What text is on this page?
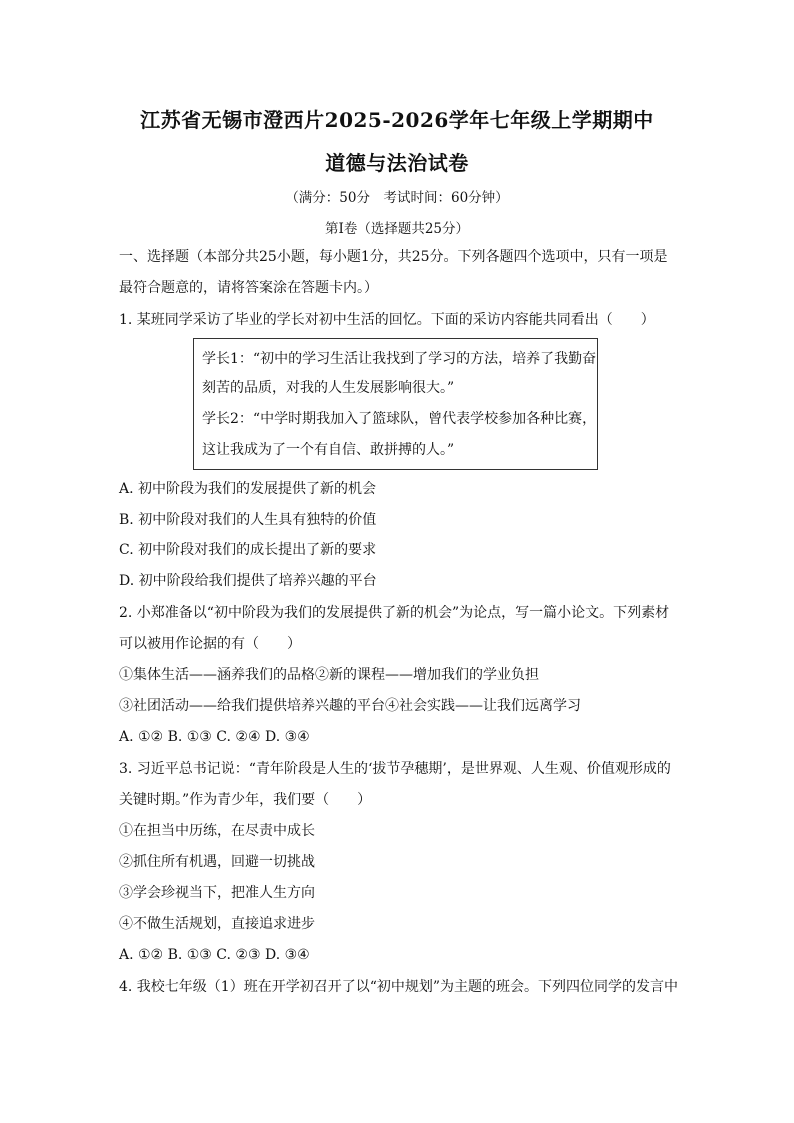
江苏省无锡市澄西片2025-2026学年七年级上学期期中
道德与法治试卷
（满分：50分　考试时间：60分钟）
第I卷（选择题共25分）
一、选择题（本部分共25小题，每小题1分，共25分。下列各题四个选项中，只有一项是
最符合题意的，请将答案涂在答题卡内。）
1. 某班同学采访了毕业的学长对初中生活的回忆。下面的采访内容能共同看出（　　）
学长1：“初中的学习生活让我找到了学习的方法，培养了我勤奋
刻苦的品质，对我的人生发展影响很大。”
学长2：“中学时期我加入了篮球队，曾代表学校参加各种比赛，
这让我成为了一个有自信、敢拼搏的人。”
A. 初中阶段为我们的发展提供了新的机会
B. 初中阶段对我们的人生具有独特的价值
C. 初中阶段对我们的成长提出了新的要求
D. 初中阶段给我们提供了培养兴趣的平台
2. 小郑准备以“初中阶段为我们的发展提供了新的机会”为论点，写一篇小论文。下列素材
可以被用作论据的有（　　）
①集体生活——涵养我们的品格②新的课程——增加我们的学业负担
③社团活动——给我们提供培养兴趣的平台④社会实践——让我们远离学习
A. ①② B. ①③ C. ②④ D. ③④
3. 习近平总书记说：“青年阶段是人生的‘拔节孕穗期’，是世界观、人生观、价值观形成的
关键时期。”作为青少年，我们要（　　）
①在担当中历练，在尽责中成长
②抓住所有机遇，回避一切挑战
③学会珍视当下，把准人生方向
④不做生活规划，直接追求进步
A. ①② B. ①③ C. ②③ D. ③④
4. 我校七年级（1）班在开学初召开了以“初中规划”为主题的班会。下列四位同学的发言中
